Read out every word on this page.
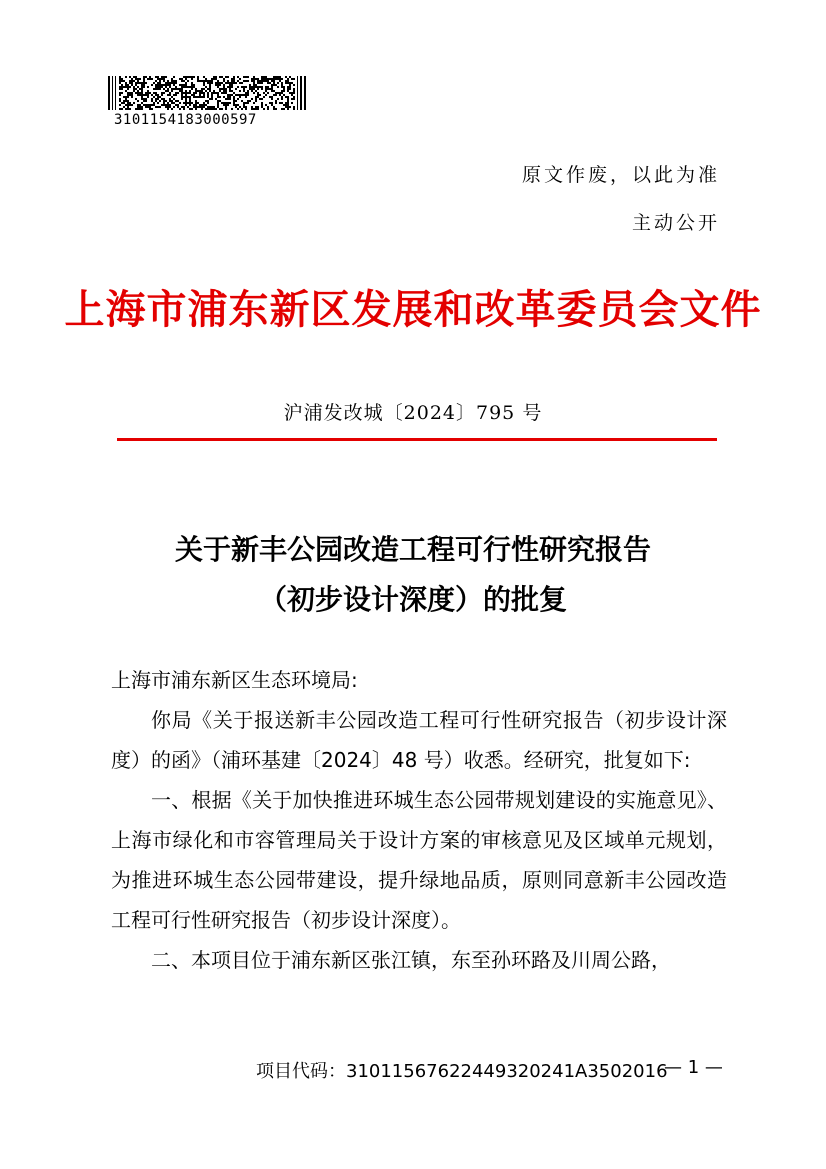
3101154183000597
原文作废，以此为准
主动公开
上海市浦东新区发展和改革委员会文件
沪浦发改城〔2024〕795 号
关于新丰公园改造工程可行性研究报告
（初步设计深度）的批复

上海市浦东新区生态环境局:

你局《关于报送新丰公园改造工程可行性研究报告（初步设计深度）的函》（浦环基建〔2024〕48 号）收悉。经研究，批复如下:

一、根据《关于加快推进环城生态公园带规划建设的实施意见》、上海市绿化和市容管理局关于设计方案的审核意见及区域单元规划，为推进环城生态公园带建设，提升绿地品质，原则同意新丰公园改造工程可行性研究报告（初步设计深度）。

二、本项目位于浦东新区张江镇，东至孙环路及川周公路，

项目代码：31011567622449320241A3502016
— 1 —
